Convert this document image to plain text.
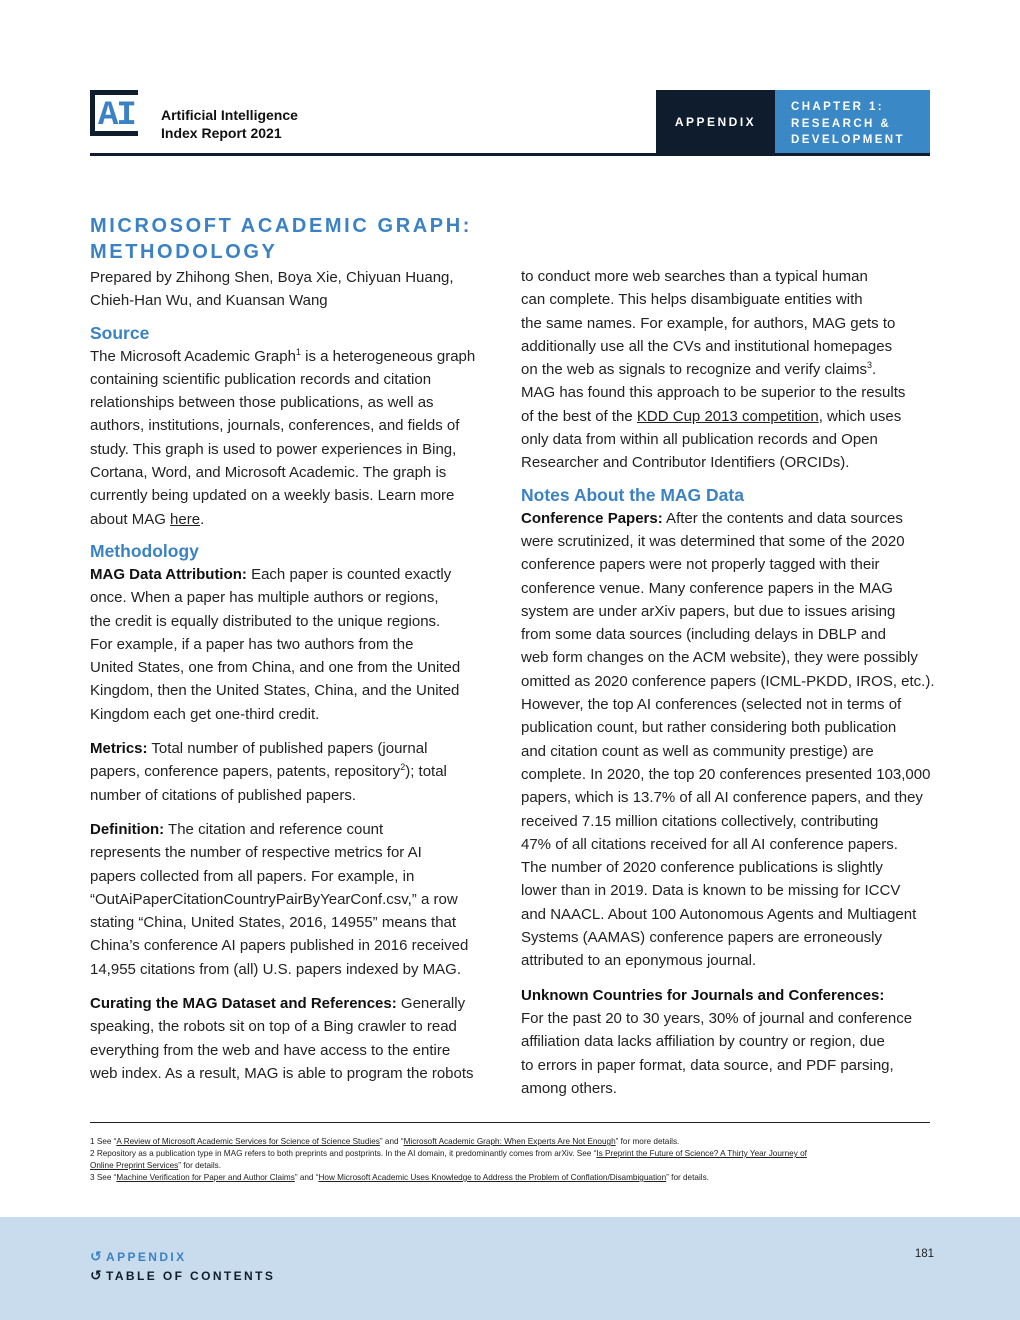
AI Artificial Intelligence
Index Report 2021
APPENDIX
CHAPTER 1:
RESEARCH &
DEVELOPMENT
MICROSOFT ACADEMIC GRAPH:
METHODOLOGY

Prepared by Zhihong Shen, Boya Xie, Chiyuan Huang,
Chieh-Han Wu, and Kuansan Wang

Source

The Microsoft Academic Graph$^1$ is a heterogeneous graph
containing scientific publication records and citation
relationships between those publications, as well as
authors, institutions, journals, conferences, and fields of
study. This graph is used to power experiences in Bing,
Cortana, Word, and Microsoft Academic. The graph is
currently being updated on a weekly basis. Learn more
about MAG here.

Methodology

MAG Data Attribution: Each paper is counted exactly
once. When a paper has multiple authors or regions,
the credit is equally distributed to the unique regions.
For example, if a paper has two authors from the
United States, one from China, and one from the United
Kingdom, then the United States, China, and the United
Kingdom each get one-third credit.

Metrics: Total number of published papers (journal
papers, conference papers, patents, repository$^2$); total
number of citations of published papers.

Definition: The citation and reference count
represents the number of respective metrics for AI
papers collected from all papers. For example, in
“OutAiPaperCitationCountryPairByYearConf.csv,” a row
stating “China, United States, 2016, 14955” means that
China’s conference AI papers published in 2016 received
14,955 citations from (all) U.S. papers indexed by MAG.

Curating the MAG Dataset and References: Generally
speaking, the robots sit on top of a Bing crawler to read
everything from the web and have access to the entire
web index. As a result, MAG is able to program the robots

to conduct more web searches than a typical human
can complete. This helps disambiguate entities with
the same names. For example, for authors, MAG gets to
additionally use all the CVs and institutional homepages
on the web as signals to recognize and verify claims$^3$.
MAG has found this approach to be superior to the results
of the best of the KDD Cup 2013 competition, which uses
only data from within all publication records and Open
Researcher and Contributor Identifiers (ORCIDs).

Notes About the MAG Data

Conference Papers: After the contents and data sources
were scrutinized, it was determined that some of the 2020
conference papers were not properly tagged with their
conference venue. Many conference papers in the MAG
system are under arXiv papers, but due to issues arising
from some data sources (including delays in DBLP and
web form changes on the ACM website), they were possibly
omitted as 2020 conference papers (ICML-PKDD, IROS, etc.).
However, the top AI conferences (selected not in terms of
publication count, but rather considering both publication
and citation count as well as community prestige) are
complete. In 2020, the top 20 conferences presented 103,000
papers, which is 13.7% of all AI conference papers, and they
received 7.15 million citations collectively, contributing
47% of all citations received for all AI conference papers.
The number of 2020 conference publications is slightly
lower than in 2019. Data is known to be missing for ICCV
and NAACL. About 100 Autonomous Agents and Multiagent
Systems (AAMAS) conference papers are erroneously
attributed to an eponymous journal.

Unknown Countries for Journals and Conferences:
For the past 20 to 30 years, 30% of journal and conference
affiliation data lacks affiliation by country or region, due
to errors in paper format, data source, and PDF parsing,
among others.

1 See “A Review of Microsoft Academic Services for Science of Science Studies” and “Microsoft Academic Graph: When Experts Are Not Enough” for more details.
2 Repository as a publication type in MAG refers to both preprints and postprints. In the AI domain, it predominantly comes from arXiv. See “Is Preprint the Future of Science? A Thirty Year Journey of
Online Preprint Services” for details.
3 See “Machine Verification for Paper and Author Claims” and “How Microsoft Academic Uses Knowledge to Address the Problem of Conflation/Disambiguation” for details.
↺ APPENDIX
↺ TABLE OF CONTENTS
181
